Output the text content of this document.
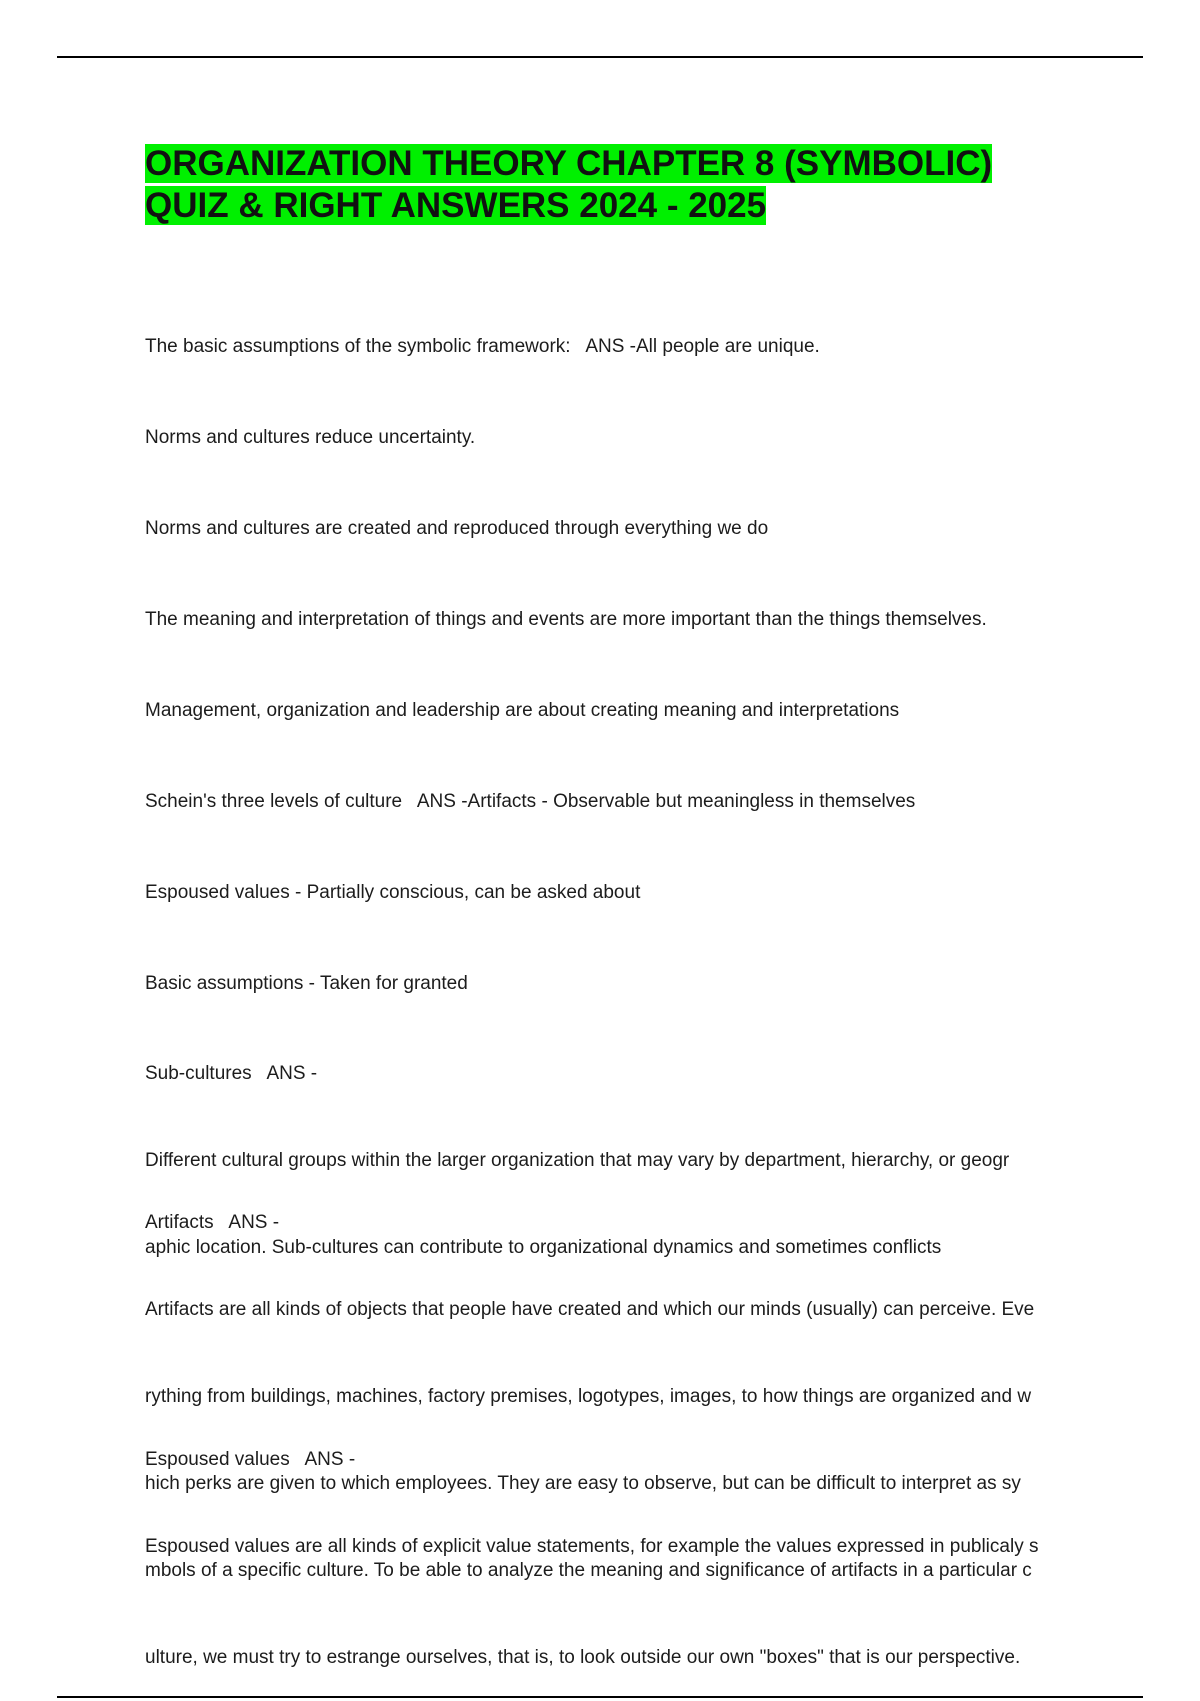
ORGANIZATION THEORY CHAPTER 8 (SYMBOLIC)
QUIZ & RIGHT ANSWERS 2024 - 2025

The basic assumptions of the symbolic framework:   ANS -All people are unique.

Norms and cultures reduce uncertainty.

Norms and cultures are created and reproduced through everything we do

The meaning and interpretation of things and events are more important than the things themselves.

Management, organization and leadership are about creating meaning and interpretations

Schein's three levels of culture   ANS -Artifacts - Observable but meaningless in themselves

Espoused values - Partially conscious, can be asked about

Basic assumptions - Taken for granted

Sub-cultures   ANS -

Different cultural groups within the larger organization that may vary by department, hierarchy, or geogr

aphic location. Sub-cultures can contribute to organizational dynamics and sometimes conflicts

Artifacts   ANS -

Artifacts are all kinds of objects that people have created and which our minds (usually) can perceive. Eve

rything from buildings, machines, factory premises, logotypes, images, to how things are organized and w

hich perks are given to which employees. They are easy to observe, but can be difficult to interpret as sy

mbols of a specific culture. To be able to analyze the meaning and significance of artifacts in a particular c

ulture, we must try to estrange ourselves, that is, to look outside our own "boxes" that is our perspective.

Espoused values   ANS -

Espoused values are all kinds of explicit value statements, for example the values expressed in publicaly s
